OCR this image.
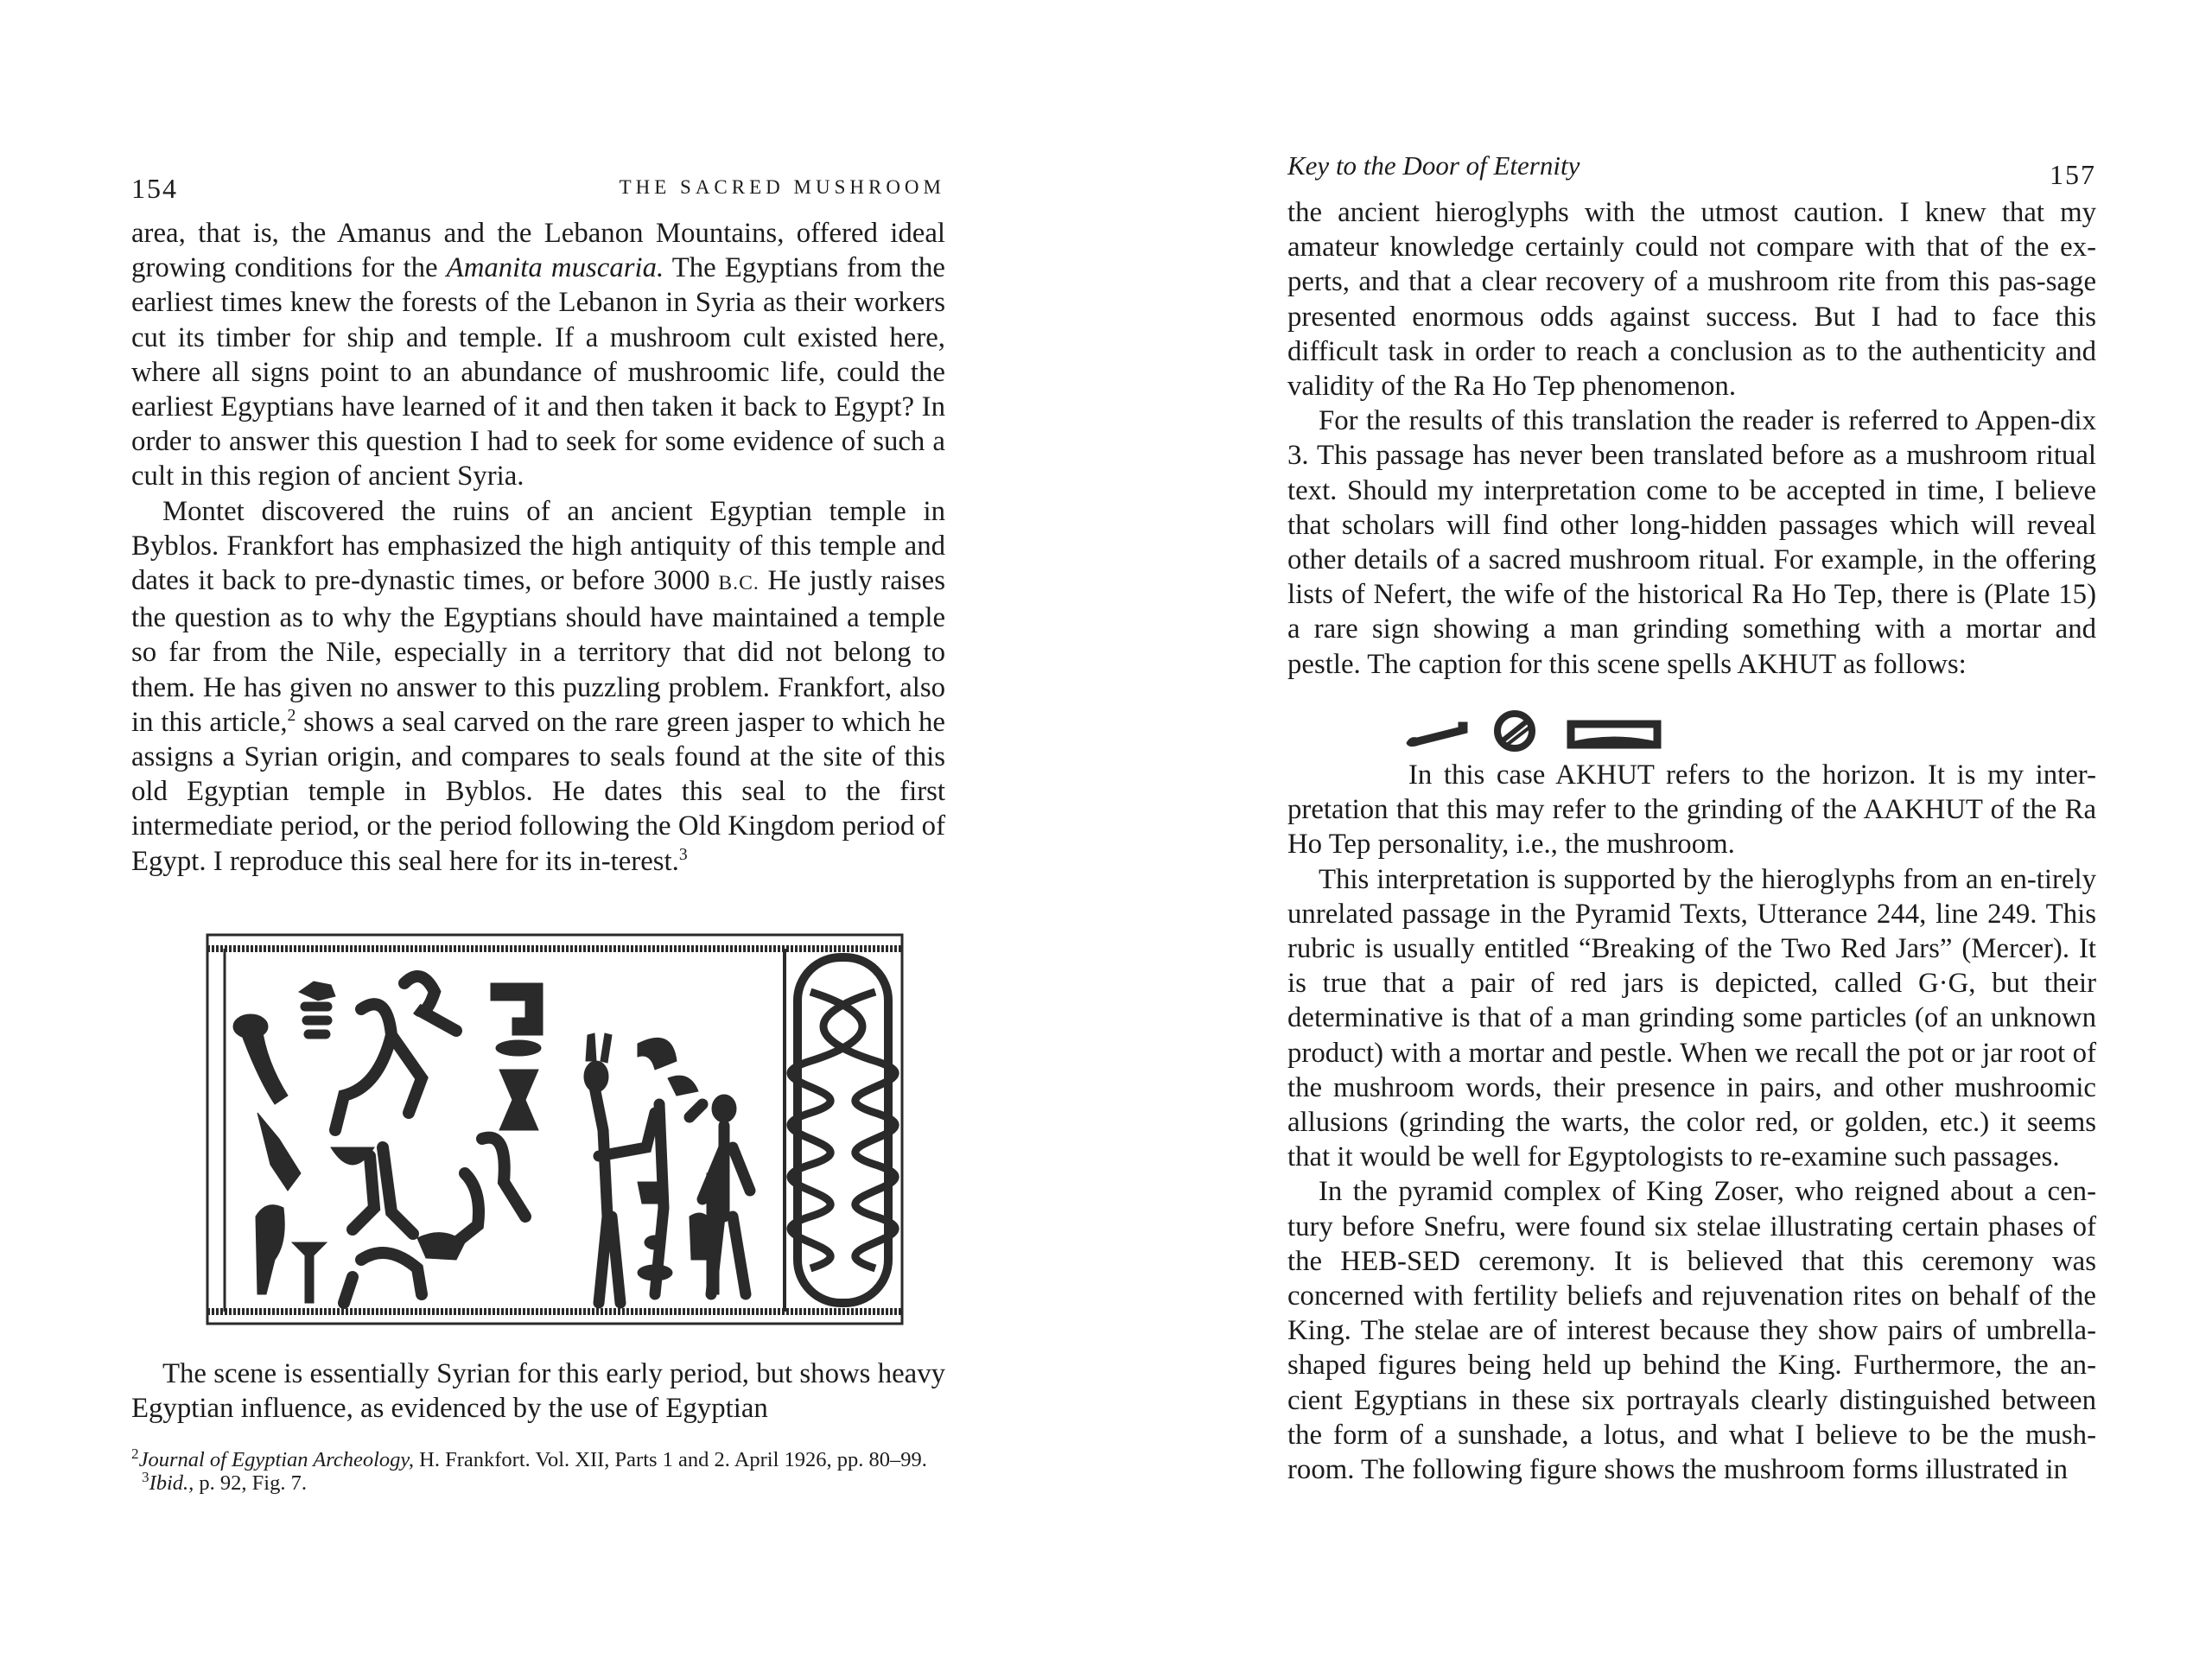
154	THE SACRED MUSHROOM

area, that is, the Amanus and the Lebanon Mountains, offered ideal growing conditions for the Amanita muscaria. The Egyptians from the earliest times knew the forests of the Lebanon in Syria as their workers cut its timber for ship and temple. If a mushroom cult existed here, where all signs point to an abundance of mushroomic life, could the earliest Egyptians have learned of it and then taken it back to Egypt? In order to answer this question I had to seek for some evidence of such a cult in this region of ancient Syria.

Montet discovered the ruins of an ancient Egyptian temple in Byblos. Frankfort has emphasized the high antiquity of this temple and dates it back to pre-dynastic times, or before 3000 B.C. He justly raises the question as to why the Egyptians should have maintained a temple so far from the Nile, especially in a territory that did not belong to them. He has given no answer to this puzzling problem. Frankfort, also in this article,$^2$ shows a seal carved on the rare green jasper to which he assigns a Syrian origin, and compares to seals found at the site of this old Egyptian temple in Byblos. He dates this seal to the first intermediate period, or the period following the Old Kingdom period of Egypt. I reproduce this seal here for its in-terest.$^3$

The scene is essentially Syrian for this early period, but shows heavy Egyptian influence, as evidenced by the use of Egyptian

$^2$Journal of Egyptian Archeology, H. Frankfort. Vol. XII, Parts 1 and 2. April 1926, pp. 80–99.

$^3$Ibid., p. 92, Fig. 7.

Key to the Door of Eternity	157

the ancient hieroglyphs with the utmost caution. I knew that my amateur knowledge certainly could not compare with that of the ex-perts, and that a clear recovery of a mushroom rite from this pas-sage presented enormous odds against success. But I had to face this difficult task in order to reach a conclusion as to the authenticity and validity of the Ra Ho Tep phenomenon.

For the results of this translation the reader is referred to Appen-dix 3. This passage has never been translated before as a mushroom ritual text. Should my interpretation come to be accepted in time, I believe that scholars will find other long-hidden passages which will reveal other details of a sacred mushroom ritual. For example, in the offering lists of Nefert, the wife of the historical Ra Ho Tep, there is (Plate 15) a rare sign showing a man grinding something with a mortar and pestle. The caption for this scene spells AKHUT as follows:

In this case AKHUT refers to the horizon. It is my inter-pretation that this may refer to the grinding of the AAKHUT of the Ra Ho Tep personality, i.e., the mushroom.

This interpretation is supported by the hieroglyphs from an en-tirely unrelated passage in the Pyramid Texts, Utterance 244, line 249. This rubric is usually entitled “Breaking of the Two Red Jars” (Mercer). It is true that a pair of red jars is depicted, called G·G, but their determinative is that of a man grinding some particles (of an unknown product) with a mortar and pestle. When we recall the pot or jar root of the mushroom words, their presence in pairs, and other mushroomic allusions (grinding the warts, the color red, or golden, etc.) it seems that it would be well for Egyptologists to re-examine such passages.

In the pyramid complex of King Zoser, who reigned about a cen-tury before Snefru, were found six stelae illustrating certain phases of the HEB-SED ceremony. It is believed that this ceremony was concerned with fertility beliefs and rejuvenation rites on behalf of the King. The stelae are of interest because they show pairs of umbrella-shaped figures being held up behind the King. Furthermore, the an-cient Egyptians in these six portrayals clearly distinguished between the form of a sunshade, a lotus, and what I believe to be the mush-room. The following figure shows the mushroom forms illustrated in
